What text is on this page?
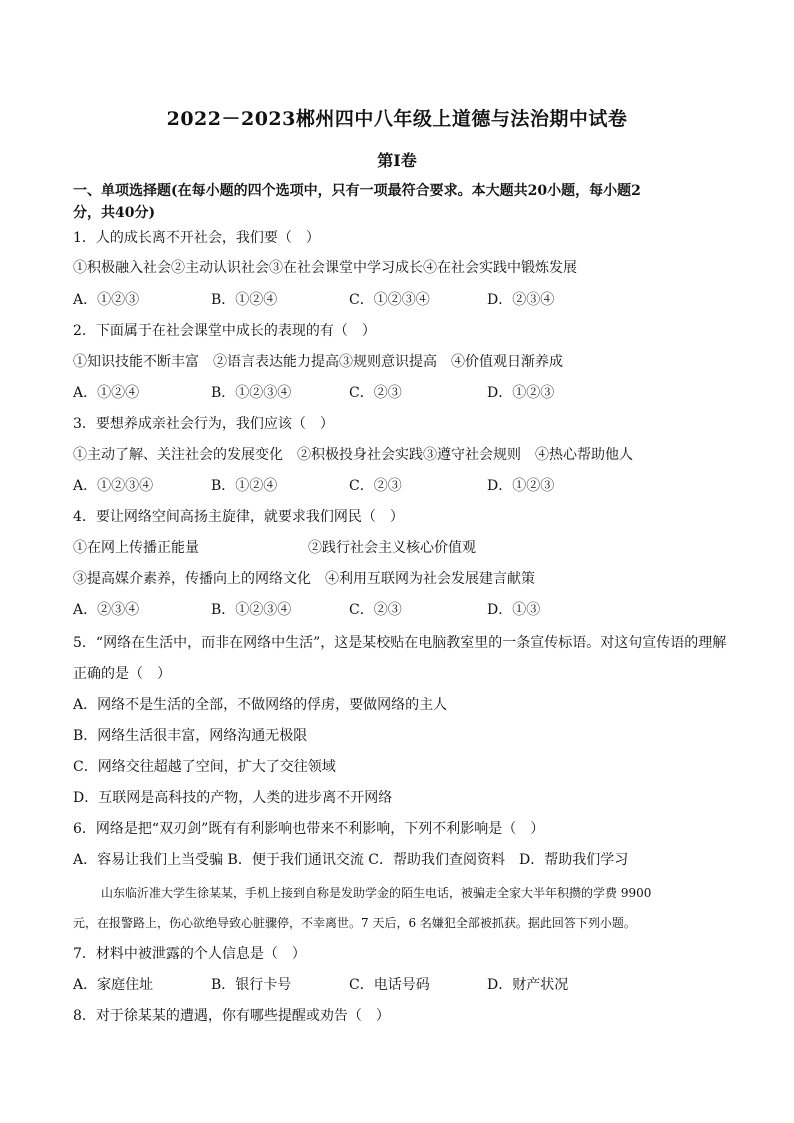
2022－2023郴州四中八年级上道德与法治期中试卷
第Ⅰ卷
一、单项选择题(在每小题的四个选项中，只有一项最符合要求。本大题共20小题，每小题2
分，共40分)
1．人的成长离不开社会，我们要（　）
①积极融入社会②主动认识社会③在社会课堂中学习成长④在社会实践中锻炼发展
A．①②③	B．①②④	C．①②③④	D．②③④
2．下面属于在社会课堂中成长的表现的有（　）
①知识技能不断丰富　②语言表达能力提高③规则意识提高　④价值观日渐养成
A．①②④	B．①②③④	C．②③	D．①②③
3．要想养成亲社会行为，我们应该（　）
①主动了解、关注社会的发展变化　②积极投身社会实践③遵守社会规则　④热心帮助他人
A．①②③④	B．①②④	C．②③	D．①②③
4．要让网络空间高扬主旋律，就要求我们网民（　）
①在网上传播正能量	②践行社会主义核心价值观
③提高媒介素养，传播向上的网络文化　④利用互联网为社会发展建言献策
A．②③④	B．①②③④	C．②③	D．①③
5．“网络在生活中，而非在网络中生活”，这是某校贴在电脑教室里的一条宣传标语。对这句宣传语的理解
正确的是（　）
A．网络不是生活的全部，不做网络的俘虏，要做网络的主人
B．网络生活很丰富，网络沟通无极限
C．网络交往超越了空间，扩大了交往领域
D．互联网是高科技的产物，人类的进步离不开网络
6．网络是把“双刃剑”既有有利影响也带来不利影响，下列不利影响是（　）
A．容易让我们上当受骗 B．便于我们通讯交流 C．帮助我们查阅资料　D．帮助我们学习
山东临沂准大学生徐某某，手机上接到自称是发助学金的陌生电话，被骗走全家大半年积攒的学费 9900
元，在报警路上，伤心欲绝导致心脏骤停，不幸离世。7 天后，6 名嫌犯全部被抓获。据此回答下列小题。
7．材料中被泄露的个人信息是（　）
A．家庭住址	B．银行卡号	C．电话号码	D．财产状况
8．对于徐某某的遭遇，你有哪些提醒或劝告（　）
